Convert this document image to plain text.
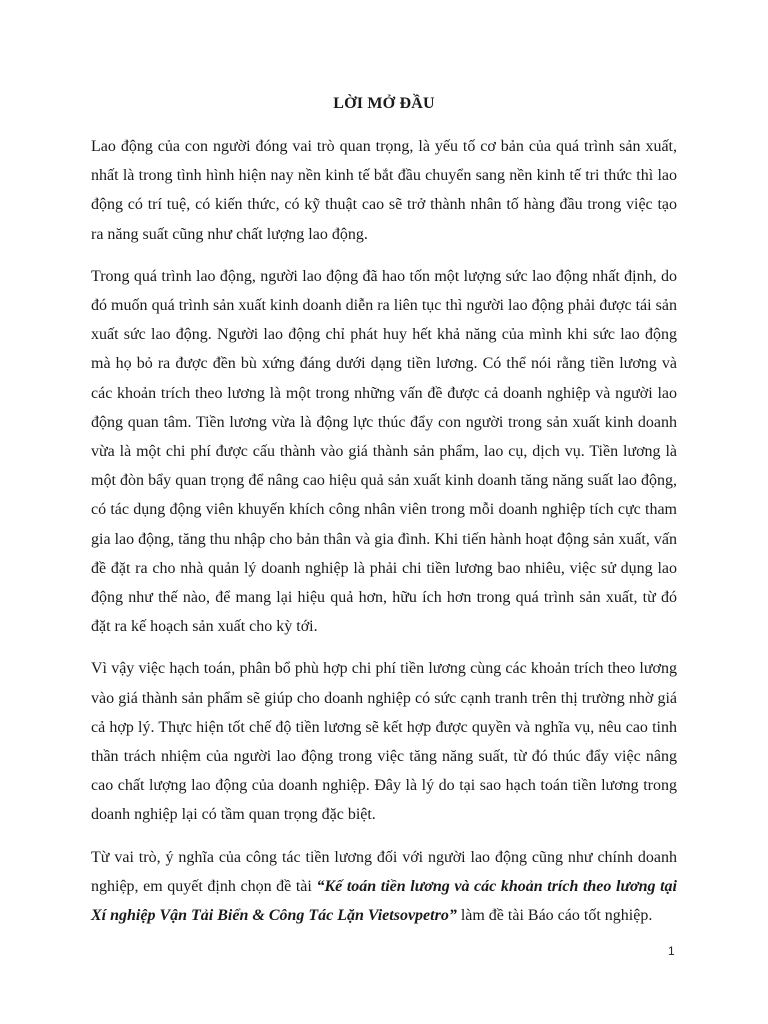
LỜI MỞ ĐẦU

Lao động của con người đóng vai trò quan trọng, là yếu tố cơ bản của quá trình sản xuất, nhất là trong tình hình hiện nay nền kinh tế bắt đầu chuyển sang nền kinh tế tri thức thì lao động có trí tuệ, có kiến thức, có kỹ thuật cao sẽ trở thành nhân tố hàng đầu trong việc tạo ra năng suất cũng như chất lượng lao động.

Trong quá trình lao động, người lao động đã hao tốn một lượng sức lao động nhất định, do đó muốn quá trình sản xuất kinh doanh diễn ra liên tục thì người lao động phải được tái sản xuất sức lao động. Người lao động chỉ phát huy hết khả năng của mình khi sức lao động mà họ bỏ ra được đền bù xứng đáng dưới dạng tiền lương. Có thể nói rằng tiền lương và các khoản trích theo lương là một trong những vấn đề được cả doanh nghiệp và người lao động quan tâm. Tiền lương vừa là động lực thúc đẩy con người trong sản xuất kinh doanh vừa là một chi phí được cấu thành vào giá thành sản phẩm, lao cụ, dịch vụ. Tiền lương là một đòn bẩy quan trọng để nâng cao hiệu quả sản xuất kinh doanh tăng năng suất lao động, có tác dụng động viên khuyến khích công nhân viên trong mỗi doanh nghiệp tích cực tham gia lao động, tăng thu nhập cho bản thân và gia đình. Khi tiến hành hoạt động sản xuất, vấn đề đặt ra cho nhà quản lý doanh nghiệp là phải chi tiền lương bao nhiêu, việc sử dụng lao động như thế nào, để mang lại hiệu quả hơn, hữu ích hơn trong quá trình sản xuất, từ đó đặt ra kế hoạch sản xuất cho kỳ tới.

Vì vậy việc hạch toán, phân bổ phù hợp chi phí tiền lương cùng các khoản trích theo lương vào giá thành sản phẩm sẽ giúp cho doanh nghiệp có sức cạnh tranh trên thị trường nhờ giá cả hợp lý. Thực hiện tốt chế độ tiền lương sẽ kết hợp được quyền và nghĩa vụ, nêu cao tinh thần trách nhiệm của người lao động trong việc tăng năng suất, từ đó thúc đẩy việc nâng cao chất lượng lao động của doanh nghiệp. Đây là lý do tại sao hạch toán tiền lương trong doanh nghiệp lại có tầm quan trọng đặc biệt.

Từ vai trò, ý nghĩa của công tác tiền lương đối với người lao động cũng như chính doanh nghiệp, em quyết định chọn đề tài “Kế toán tiền lương và các khoản trích theo lương tại Xí nghiệp Vận Tải Biển & Công Tác Lặn Vietsovpetro” làm đề tài Báo cáo tốt nghiệp.

1
